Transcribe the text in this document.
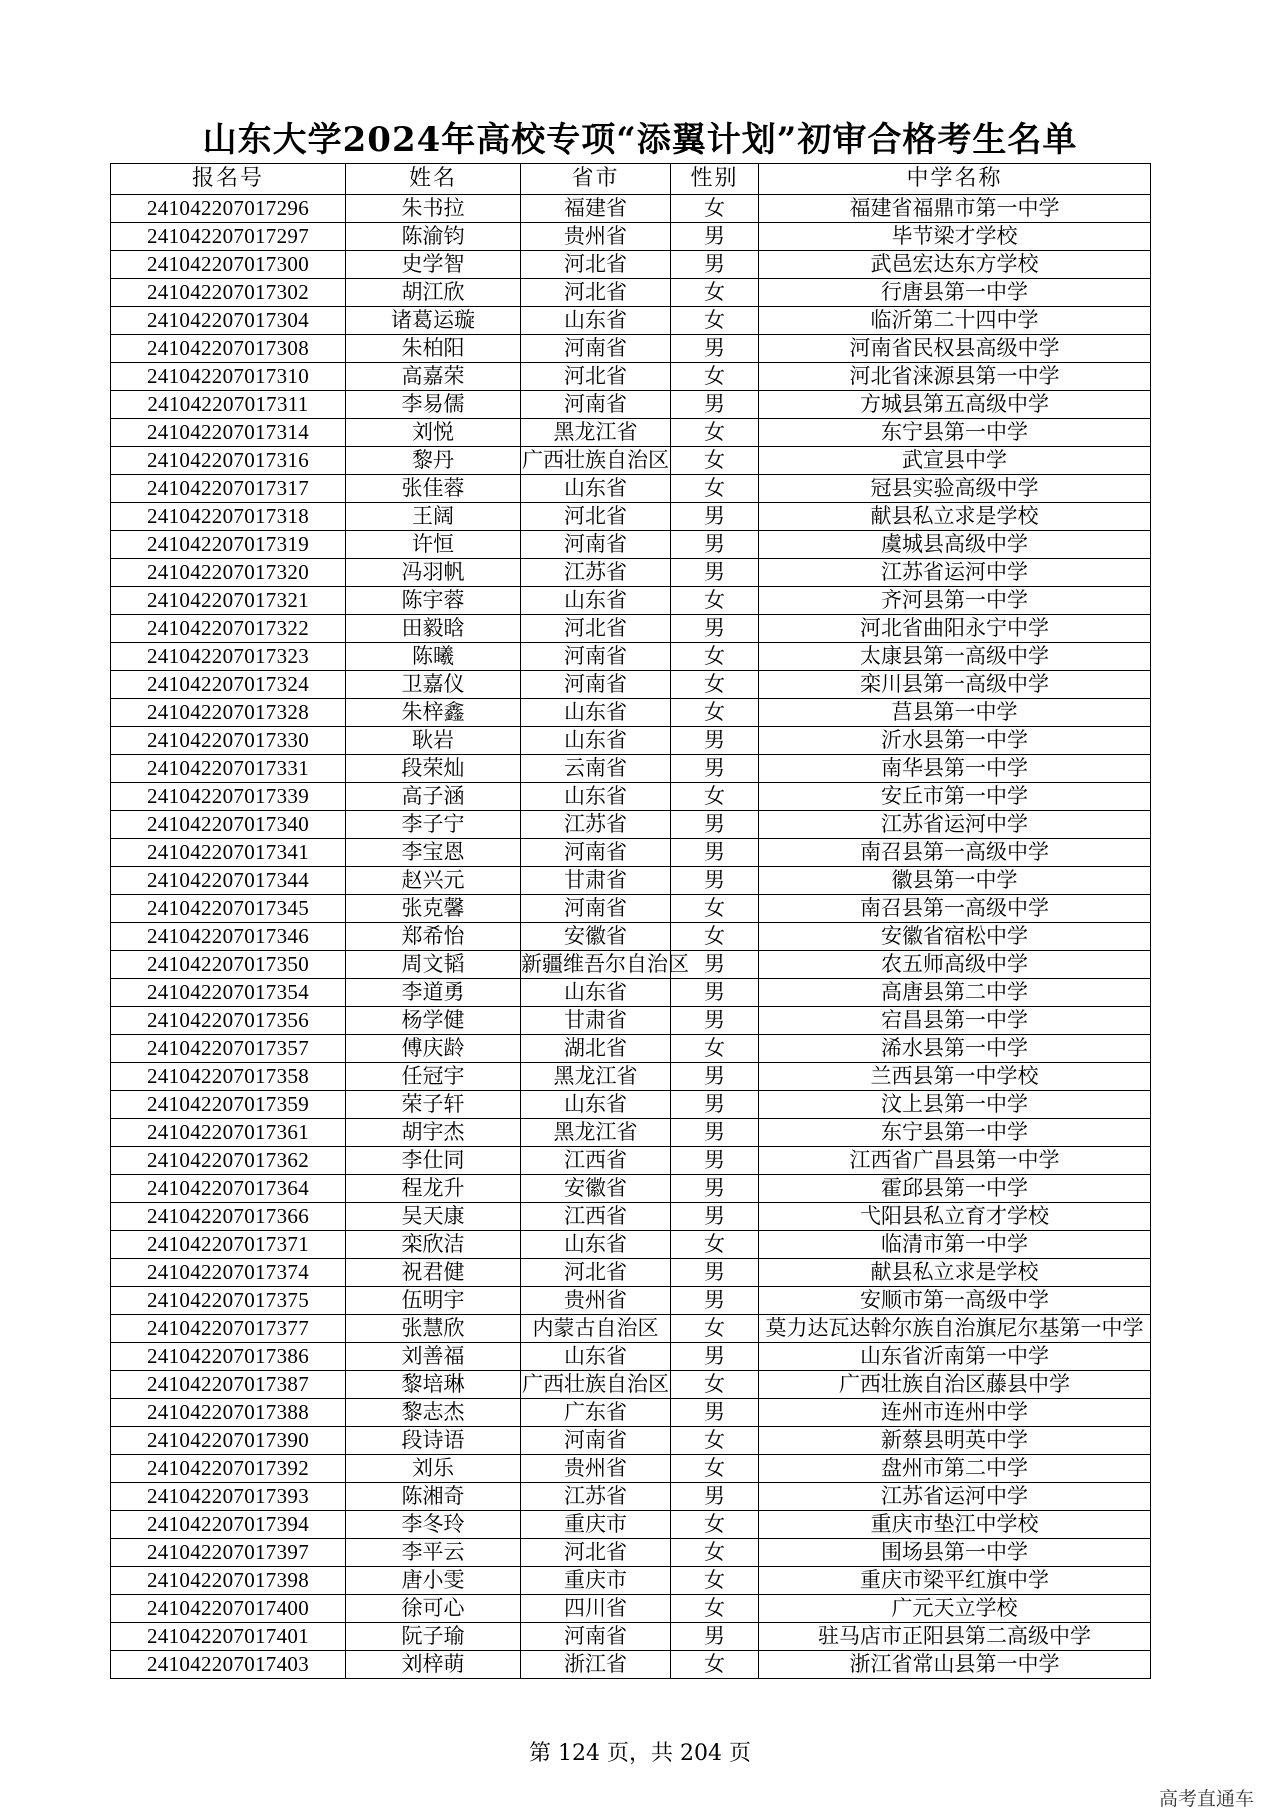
山东大学2024年高校专项“添翼计划”初审合格考生名单
报名号	姓名	省市	性别	中学名称
241042207017296	朱书拉	福建省	女	福建省福鼎市第一中学
241042207017297	陈渝钧	贵州省	男	毕节梁才学校
241042207017300	史学智	河北省	男	武邑宏达东方学校
241042207017302	胡江欣	河北省	女	行唐县第一中学
241042207017304	诸葛运璇	山东省	女	临沂第二十四中学
241042207017308	朱柏阳	河南省	男	河南省民权县高级中学
241042207017310	高嘉荣	河北省	女	河北省涞源县第一中学
241042207017311	李易儒	河南省	男	方城县第五高级中学
241042207017314	刘悦	黑龙江省	女	东宁县第一中学
241042207017316	黎丹	广西壮族自治区	女	武宣县中学
241042207017317	张佳蓉	山东省	女	冠县实验高级中学
241042207017318	王阔	河北省	男	献县私立求是学校
241042207017319	许恒	河南省	男	虞城县高级中学
241042207017320	冯羽帆	江苏省	男	江苏省运河中学
241042207017321	陈宇蓉	山东省	女	齐河县第一中学
241042207017322	田毅晗	河北省	男	河北省曲阳永宁中学
241042207017323	陈曦	河南省	女	太康县第一高级中学
241042207017324	卫嘉仪	河南省	女	栾川县第一高级中学
241042207017328	朱梓鑫	山东省	女	莒县第一中学
241042207017330	耿岩	山东省	男	沂水县第一中学
241042207017331	段荣灿	云南省	男	南华县第一中学
241042207017339	高子涵	山东省	女	安丘市第一中学
241042207017340	李子宁	江苏省	男	江苏省运河中学
241042207017341	李宝恩	河南省	男	南召县第一高级中学
241042207017344	赵兴元	甘肃省	男	徽县第一中学
241042207017345	张克馨	河南省	女	南召县第一高级中学
241042207017346	郑希怡	安徽省	女	安徽省宿松中学
241042207017350	周文韬	新疆维吾尔自治区	男	农五师高级中学
241042207017354	李道勇	山东省	男	高唐县第二中学
241042207017356	杨学健	甘肃省	男	宕昌县第一中学
241042207017357	傅庆龄	湖北省	女	浠水县第一中学
241042207017358	任冠宇	黑龙江省	男	兰西县第一中学校
241042207017359	荣子轩	山东省	男	汶上县第一中学
241042207017361	胡宇杰	黑龙江省	男	东宁县第一中学
241042207017362	李仕同	江西省	男	江西省广昌县第一中学
241042207017364	程龙升	安徽省	男	霍邱县第一中学
241042207017366	吴天康	江西省	男	弋阳县私立育才学校
241042207017371	栾欣洁	山东省	女	临清市第一中学
241042207017374	祝君健	河北省	男	献县私立求是学校
241042207017375	伍明宇	贵州省	男	安顺市第一高级中学
241042207017377	张慧欣	内蒙古自治区	女	莫力达瓦达斡尔族自治旗尼尔基第一中学
241042207017386	刘善福	山东省	男	山东省沂南第一中学
241042207017387	黎培琳	广西壮族自治区	女	广西壮族自治区藤县中学
241042207017388	黎志杰	广东省	男	连州市连州中学
241042207017390	段诗语	河南省	女	新蔡县明英中学
241042207017392	刘乐	贵州省	女	盘州市第二中学
241042207017393	陈湘奇	江苏省	男	江苏省运河中学
241042207017394	李冬玲	重庆市	女	重庆市垫江中学校
241042207017397	李平云	河北省	女	围场县第一中学
241042207017398	唐小雯	重庆市	女	重庆市梁平红旗中学
241042207017400	徐可心	四川省	女	广元天立学校
241042207017401	阮子瑜	河南省	男	驻马店市正阳县第二高级中学
241042207017403	刘梓萌	浙江省	女	浙江省常山县第一中学
第 124 页，共 204 页
高考直通车
